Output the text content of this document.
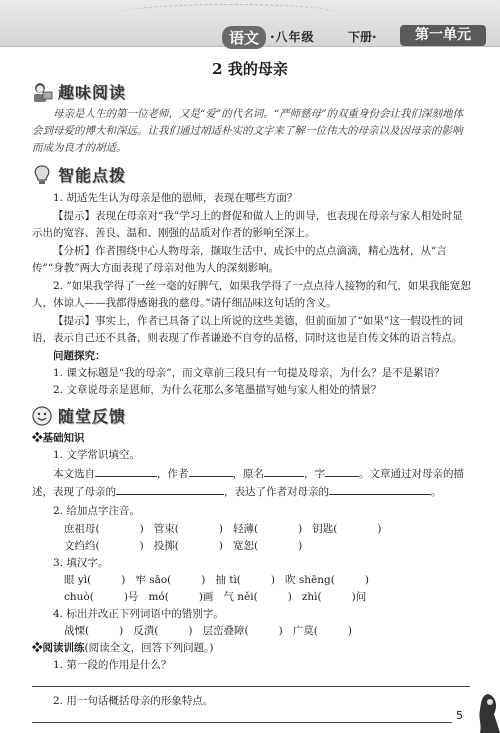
语文 ·八年级	下册·	第一单元
2 我的母亲
趣味阅读
母亲是人生的第一位老师，又是“爱”的代名词。“严师慈母”的双重身份会让我们深刻地体会到母爱的博大和深远。让我们通过胡适朴实的文字来了解一位伟大的母亲以及因母亲的影响而成为良才的胡适。
智能点拨
1. 胡适先生认为母亲是他的恩师，表现在哪些方面？
【提示】表现在母亲对“我”学习上的督促和做人上的训导，也表现在母亲与家人相处时显示出的宽容、善良、温和、刚强的品质对作者的影响至深上。
【分析】作者围绕中心人物母亲，撷取生活中、成长中的点点滴滴，精心选材，从“言传”“身教”两大方面表现了母亲对他为人的深刻影响。
2. “如果我学得了一丝一毫的好脾气，如果我学得了一点点待人接物的和气，如果我能宽恕人，体谅人——我都得感谢我的慈母。”请仔细品味这句话的含义。
【提示】事实上，作者已具备了以上所说的这些美德，但前面加了“如果”这一假设性的词语，表示自己还不具备，则表现了作者谦逊不自夸的品格，同时这也是自传文体的语言特点。
问题探究：
1. 课文标题是“我的母亲”，而文章前三段只有一句提及母亲，为什么？是不是累语？
2. 文章说母亲是恩师，为什么花那么多笔墨描写她与家人相处的情景？
随堂反馈
❖基础知识
1. 文学常识填空。
本文选自	，作者	，原名	，字	。文章通过对母亲的描述，表现了母亲的	，表达了作者对母亲的	。
2. 给加点字注音。
庶祖母(	) 管束(	) 轻薄(	) 钥匙(	)
文绉绉(	) 投掷(	) 宽恕(	)
3. 填汉字。
眼 yì(	) 牢 sāo(	) 抽 tì(	) 吹 shēng(	)
chuò(	)号 mó(	)画 气 něi(	) zhì(	)问
4. 标出并改正下列词语中的错别字。
战慄(	) 反潰(	) 层峦叠障(	) 广莫(	)
❖阅读训练(阅读全文，回答下列问题。)
1. 第一段的作用是什么？
2. 用一句话概括母亲的形象特点。
5
